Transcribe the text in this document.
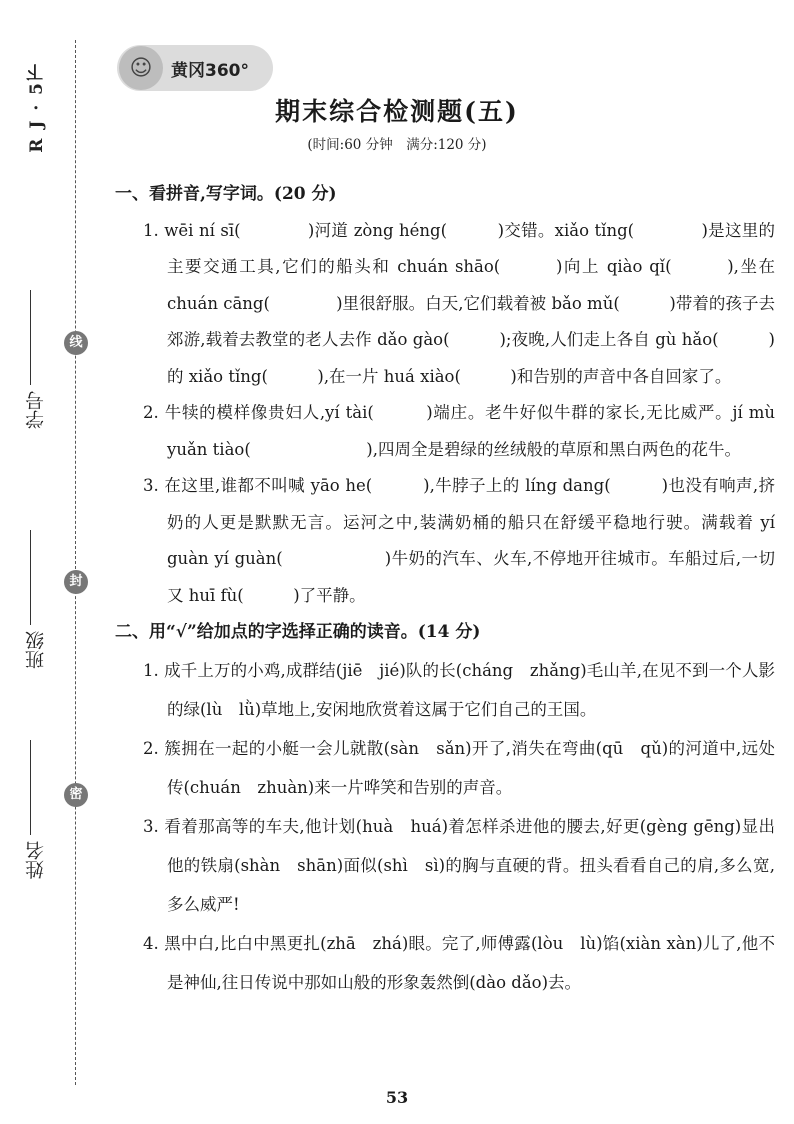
R J · 5下
学号
班级
姓名
线
封
密
☺	黄冈360°
期末综合检测题(五)
(时间:60 分钟　满分:120 分)

一、看拼音,写字词。(20 分)

1. wēi ní sī(　　　　)河道 zòng héng(　　　)交错。xiǎo tǐng(　　　　)是这里的主要交通工具,它们的船头和 chuán shāo(　　　)向上 qiào qǐ(　　　),坐在 chuán cāng(　　　　)里很舒服。白天,它们载着被 bǎo mǔ(　　　)带着的孩子去郊游,载着去教堂的老人去作 dǎo gào(　　　);夜晚,人们走上各自 gù hǎo(　　　)的 xiǎo tǐng(　　　),在一片 huá xiào(　　　)和告别的声音中各自回家了。

2. 牛犊的模样像贵妇人,yí tài(　　　)端庄。老牛好似牛群的家长,无比威严。jí mù yuǎn tiào(　　　　　　　),四周全是碧绿的丝绒般的草原和黑白两色的花牛。

3. 在这里,谁都不叫喊 yāo he(　　　),牛脖子上的 líng dang(　　　)也没有响声,挤奶的人更是默默无言。运河之中,装满奶桶的船只在舒缓平稳地行驶。满载着 yí guàn yí guàn(　　　　　　)牛奶的汽车、火车,不停地开往城市。车船过后,一切又 huī fù(　　　)了平静。

二、用“√”给加点的字选择正确的读音。(14 分)

1. 成千上万的小鸡,成群结(jiē　jié)队的长(cháng　zhǎng)毛山羊,在见不到一个人影的绿(lù　lǜ)草地上,安闲地欣赏着这属于它们自己的王国。

2. 簇拥在一起的小艇一会儿就散(sàn　sǎn)开了,消失在弯曲(qū　qǔ)的河道中,远处传(chuán　zhuàn)来一片哗笑和告别的声音。

3. 看着那高等的车夫,他计划(huà　huá)着怎样杀进他的腰去,好更(gèng gēng)显出他的铁扇(shàn　shān)面似(shì　sì)的胸与直硬的背。扭头看看自己的肩,多么宽,多么威严!

4. 黑中白,比白中黑更扎(zhā　zhá)眼。完了,师傅露(lòu　lù)馅(xiàn xàn)儿了,他不是神仙,往日传说中那如山般的形象轰然倒(dào dǎo)去。

53
